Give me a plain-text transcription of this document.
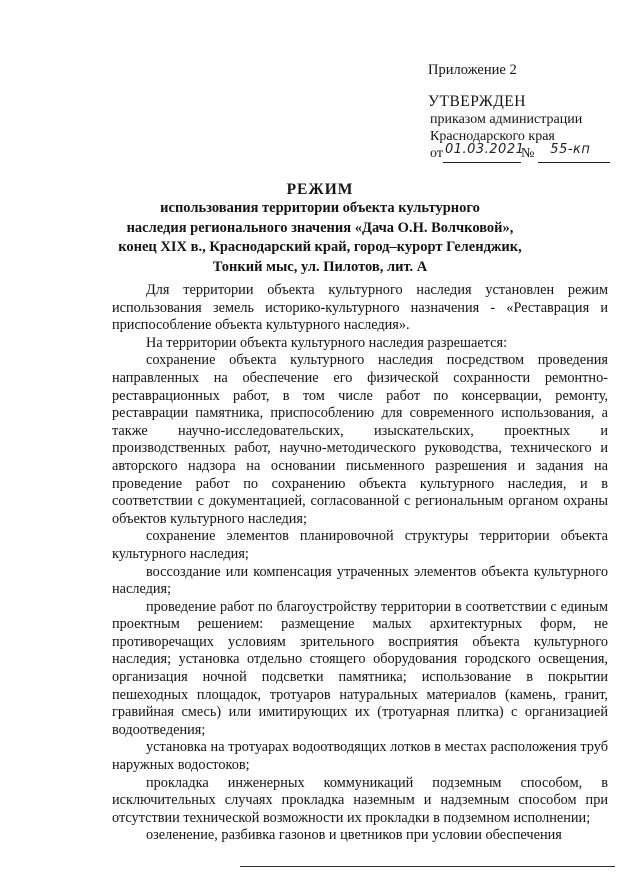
Приложение 2
УТВЕРЖДЕН
приказом администрации
Краснодарского края
от 01.03.2021
№ 55-кп

РЕЖИМ
использования территории объекта культурного
наследия регионального значения «Дача О.Н. Волчковой»,
конец XIX в., Краснодарский край, город–курорт Геленджик,
Тонкий мыс, ул. Пилотов, лит. А

Для территории объекта культурного наследия установлен режим использования земель историко-культурного назначения - «Реставрация и приспособление объекта культурного наследия».

На территории объекта культурного наследия разрешается:

сохранение объекта культурного наследия посредством проведения направленных на обеспечение его физической сохранности ремонтно-реставрационных работ, в том числе работ по консервации, ремонту, реставрации памятника, приспособлению для современного использования, а также научно-исследовательских, изыскательских, проектных и производственных работ, научно-методического руководства, технического и авторского надзора на основании письменного разрешения и задания на проведение работ по сохранению объекта культурного наследия, и в соответствии с документацией, согласованной с региональным органом охраны объектов культурного наследия;

сохранение элементов планировочной структуры территории объекта культурного наследия;

воссоздание или компенсация утраченных элементов объекта культурного наследия;

проведение работ по благоустройству территории в соответствии с единым проектным решением: размещение малых архитектурных форм, не противоречащих условиям зрительного восприятия объекта культурного наследия; установка отдельно стоящего оборудования городского освещения, организация ночной подсветки памятника; использование в покрытии пешеходных площадок, тротуаров натуральных материалов (камень, гранит, гравийная смесь) или имитирующих их (тротуарная плитка) с организацией водоотведения;

установка на тротуарах водоотводящих лотков в местах расположения труб наружных водостоков;

прокладка инженерных коммуникаций подземным способом, в исключительных случаях прокладка наземным и надземным способом при отсутствии технической возможности их прокладки в подземном исполнении;

озеленение, разбивка газонов и цветников при условии обеспечения
